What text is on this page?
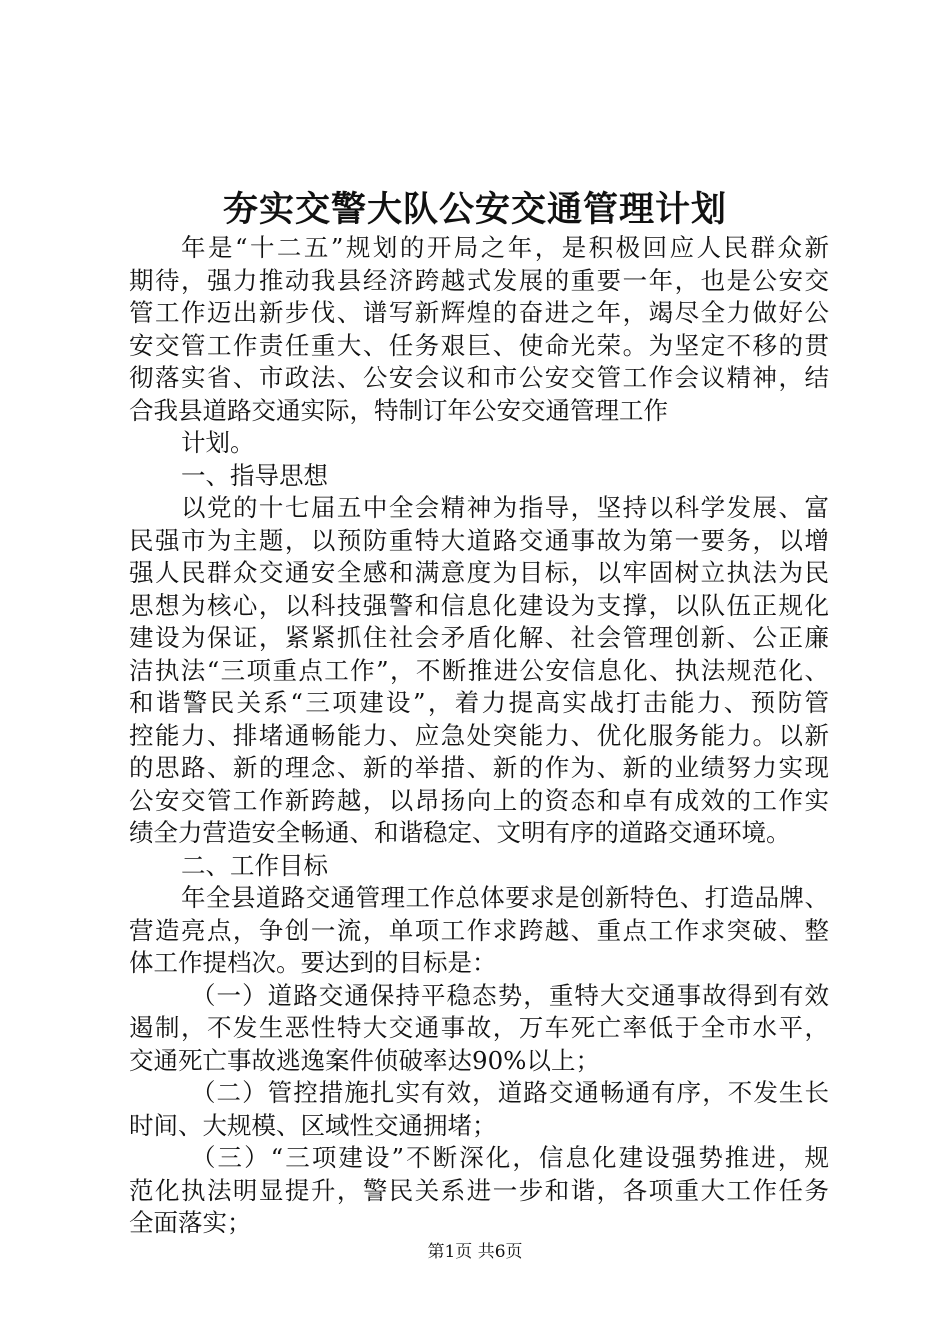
夯实交警大队公安交通管理计划
年是“十二五”规划的开局之年，是积极回应人民群众新
期待，强力推动我县经济跨越式发展的重要一年，也是公安交
管工作迈出新步伐、谱写新辉煌的奋进之年，竭尽全力做好公
安交管工作责任重大、任务艰巨、使命光荣。为坚定不移的贯
彻落实省、市政法、公安会议和市公安交管工作会议精神，结
合我县道路交通实际，特制订年公安交通管理工作
计划。
一、指导思想
以党的十七届五中全会精神为指导，坚持以科学发展、富
民强市为主题，以预防重特大道路交通事故为第一要务，以增
强人民群众交通安全感和满意度为目标，以牢固树立执法为民
思想为核心，以科技强警和信息化建设为支撑，以队伍正规化
建设为保证，紧紧抓住社会矛盾化解、社会管理创新、公正廉
洁执法“三项重点工作”，不断推进公安信息化、执法规范化、
和谐警民关系“三项建设”，着力提高实战打击能力、预防管
控能力、排堵通畅能力、应急处突能力、优化服务能力。以新
的思路、新的理念、新的举措、新的作为、新的业绩努力实现
公安交管工作新跨越，以昂扬向上的资态和卓有成效的工作实
绩全力营造安全畅通、和谐稳定、文明有序的道路交通环境。
二、工作目标
年全县道路交通管理工作总体要求是创新特色、打造品牌、
营造亮点，争创一流，单项工作求跨越、重点工作求突破、整
体工作提档次。要达到的目标是：
（一）道路交通保持平稳态势，重特大交通事故得到有效
遏制，不发生恶性特大交通事故，万车死亡率低于全市水平，
交通死亡事故逃逸案件侦破率达90%以上；
（二）管控措施扎实有效，道路交通畅通有序，不发生长
时间、大规模、区域性交通拥堵；
（三）“三项建设”不断深化，信息化建设强势推进，规
范化执法明显提升，警民关系进一步和谐，各项重大工作任务
全面落实；
第1页 共6页
